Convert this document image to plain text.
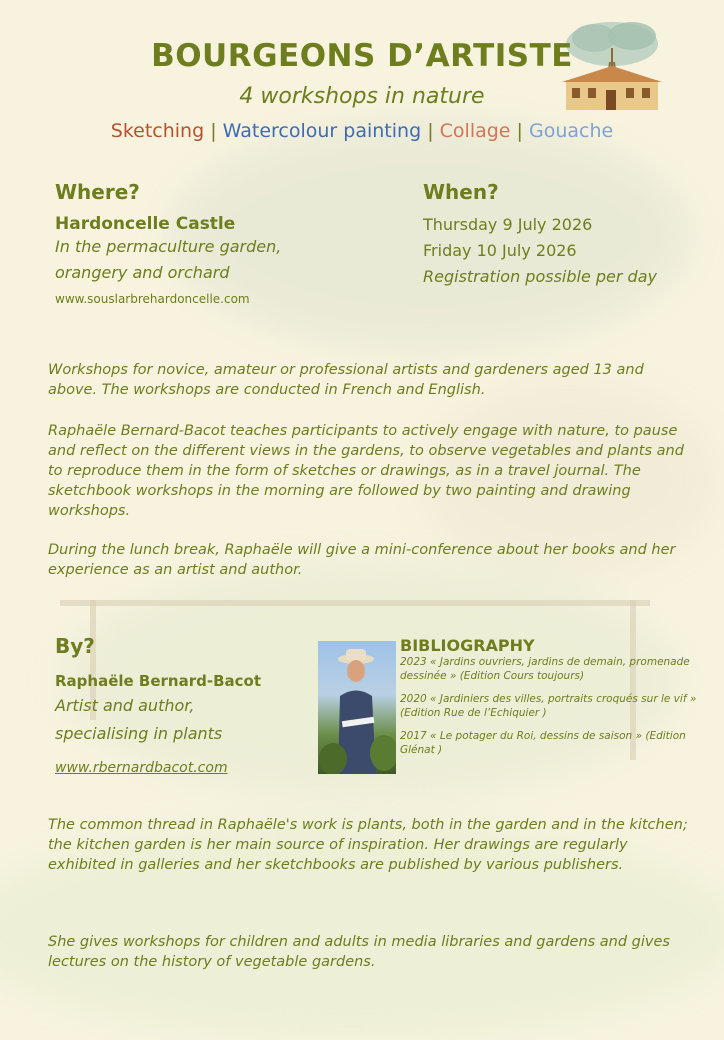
BOURGEONS D’ARTISTE
4 workshops in nature
Sketching | Watercolour painting | Collage | Gouache
Where?
Hardoncelle Castle
In the permaculture garden,
orangery and orchard
www.souslarbrehardoncelle.com
When?
Thursday 9 July 2026
Friday 10 July 2026
Registration possible per day
Workshops for novice, amateur or professional artists and gardeners aged 13 and above. The workshops are conducted in French and English.
Raphaële Bernard-Bacot teaches participants to actively engage with nature, to pause and reflect on the different views in the gardens, to observe vegetables and plants and to reproduce them in the form of sketches or drawings, as in a travel journal. The sketchbook workshops in the morning are followed by two painting and drawing workshops.
During the lunch break, Raphaële will give a mini-conference about her books and her experience as an artist and author.
By?
Raphaële Bernard-Bacot
Artist and author,
specialising in plants
www.rbernardbacot.com
BIBLIOGRAPHY
2023 « Jardins ouvriers, jardins de demain, promenade dessinée » (Edition Cours toujours)
2020 « Jardiniers des villes, portraits croqués sur le vif » (Edition Rue de l’Echiquier )
2017 « Le potager du Roi, dessins de saison » (Edition Glénat )
The common thread in Raphaële's work is plants, both in the garden and in the kitchen; the kitchen garden is her main source of inspiration. Her drawings are regularly exhibited in galleries and her sketchbooks are published by various publishers.
She gives workshops for children and adults in media libraries and gardens and gives lectures on the history of vegetable gardens.
